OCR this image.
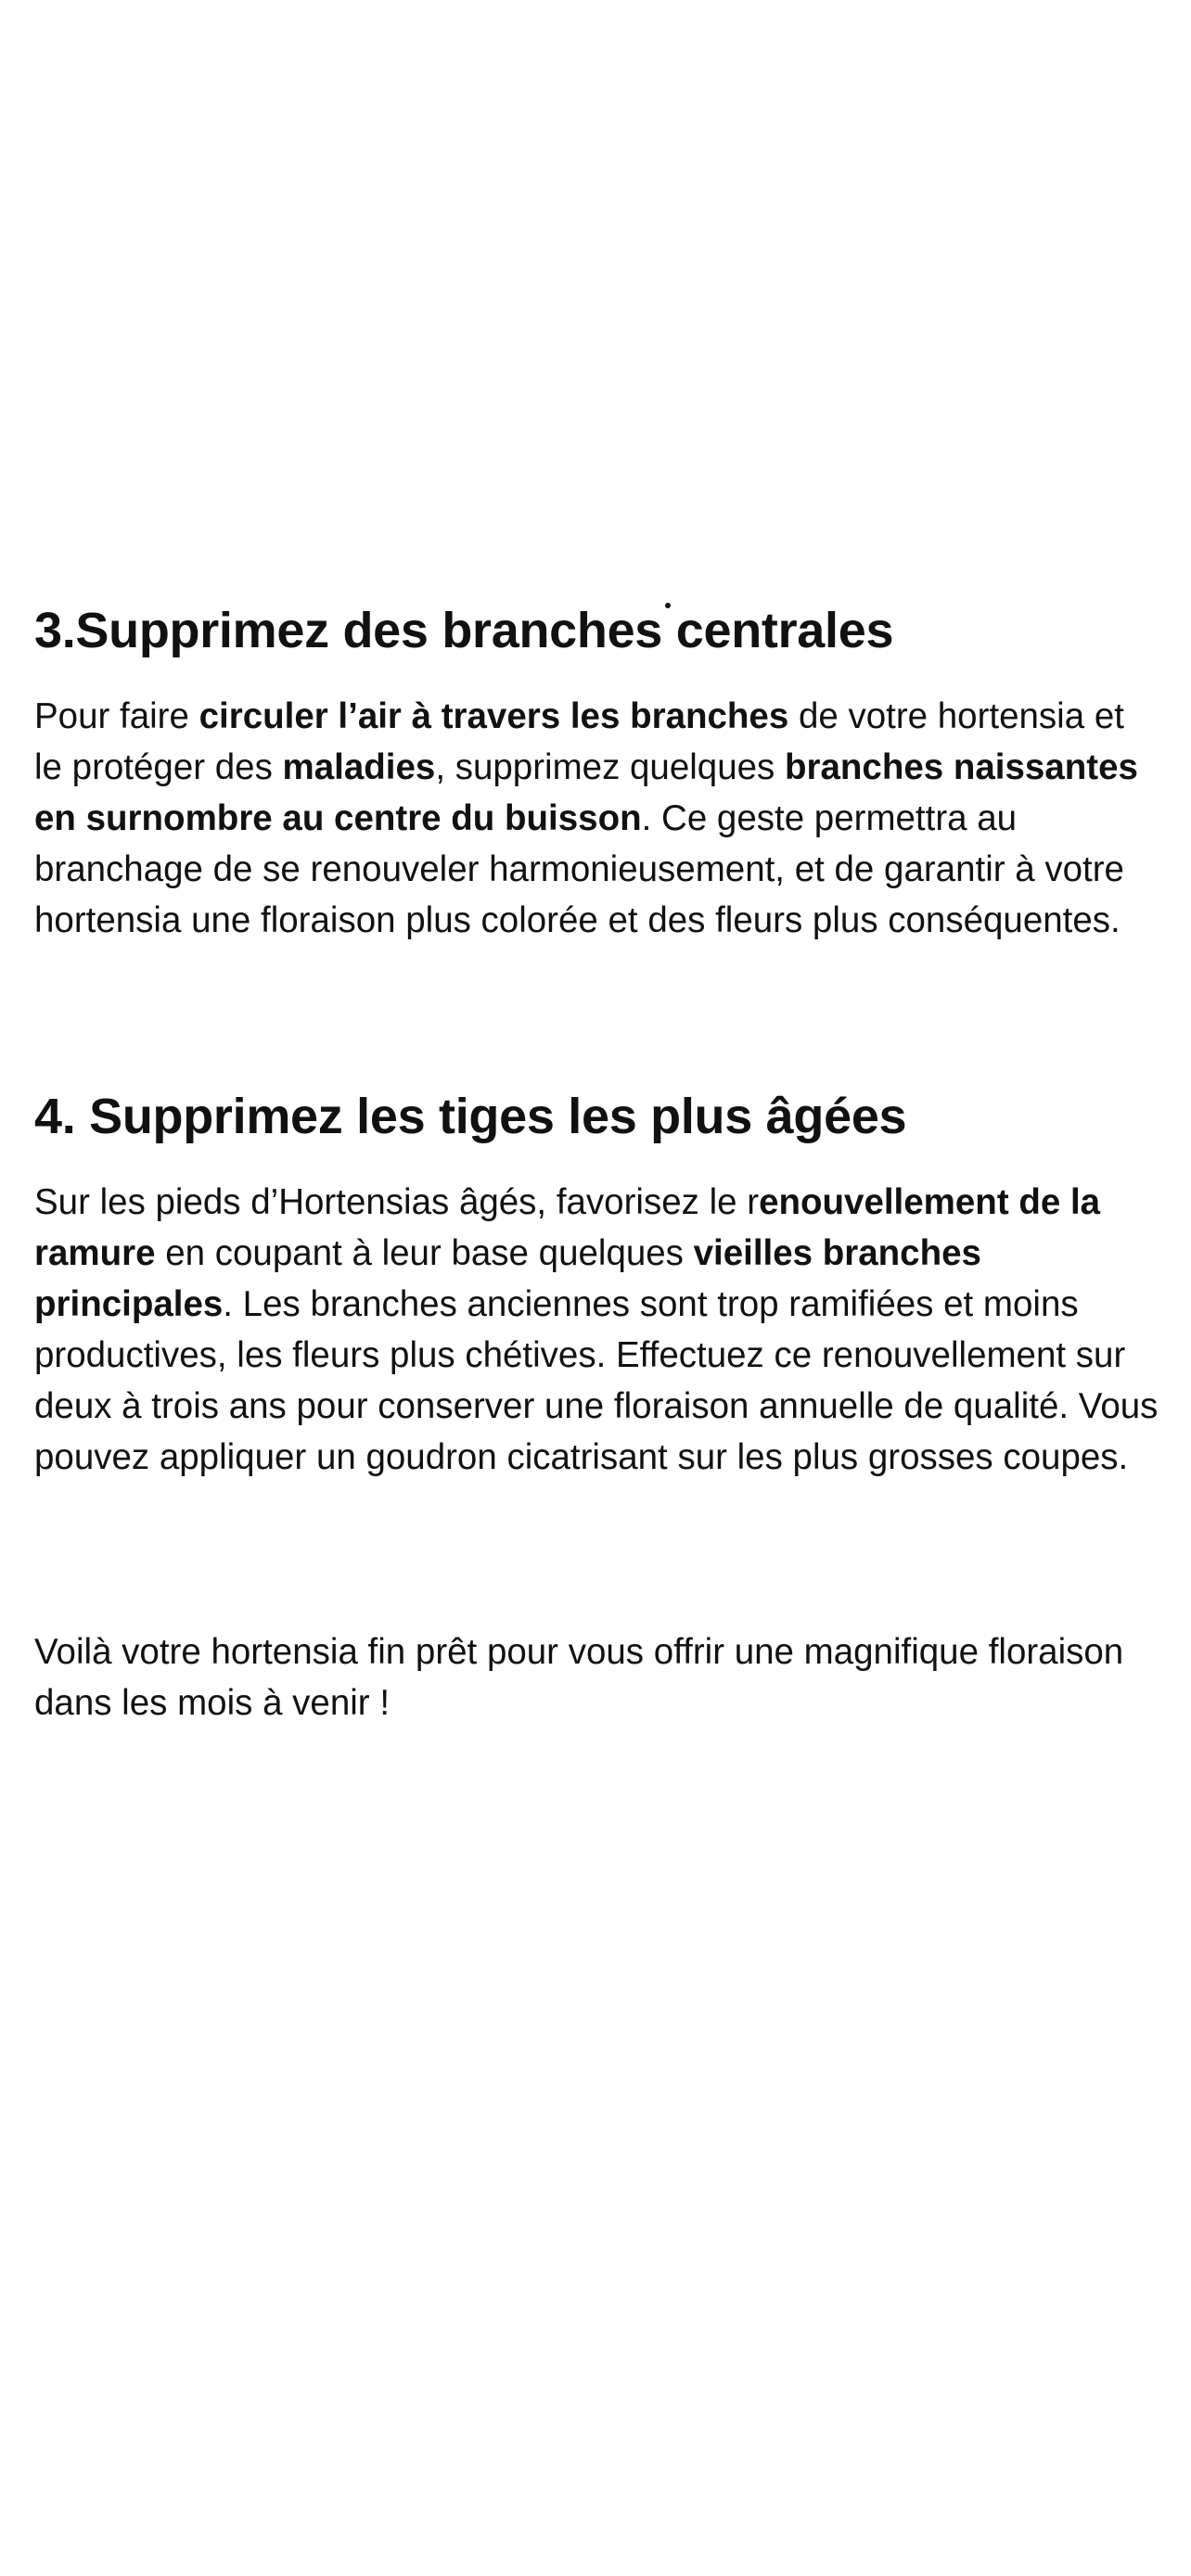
3.Supprimez des branches centrales

Pour faire circuler l’air à travers les branches de votre hortensia et le protéger des maladies, supprimez quelques branches naissantes en surnombre au centre du buisson. Ce geste permettra au branchage de se renouveler harmonieusement, et de garantir à votre hortensia une floraison plus colorée et des fleurs plus conséquentes.

4. Supprimez les tiges les plus âgées

Sur les pieds d’Hortensias âgés, favorisez le renouvellement de la ramure en coupant à leur base quelques vieilles branches principales. Les branches anciennes sont trop ramifiées et moins productives, les fleurs plus chétives. Effectuez ce renouvellement sur deux à trois ans pour conserver une floraison annuelle de qualité. Vous pouvez appliquer un goudron cicatrisant sur les plus grosses coupes.

Voilà votre hortensia fin prêt pour vous offrir une magnifique floraison dans les mois à venir !
